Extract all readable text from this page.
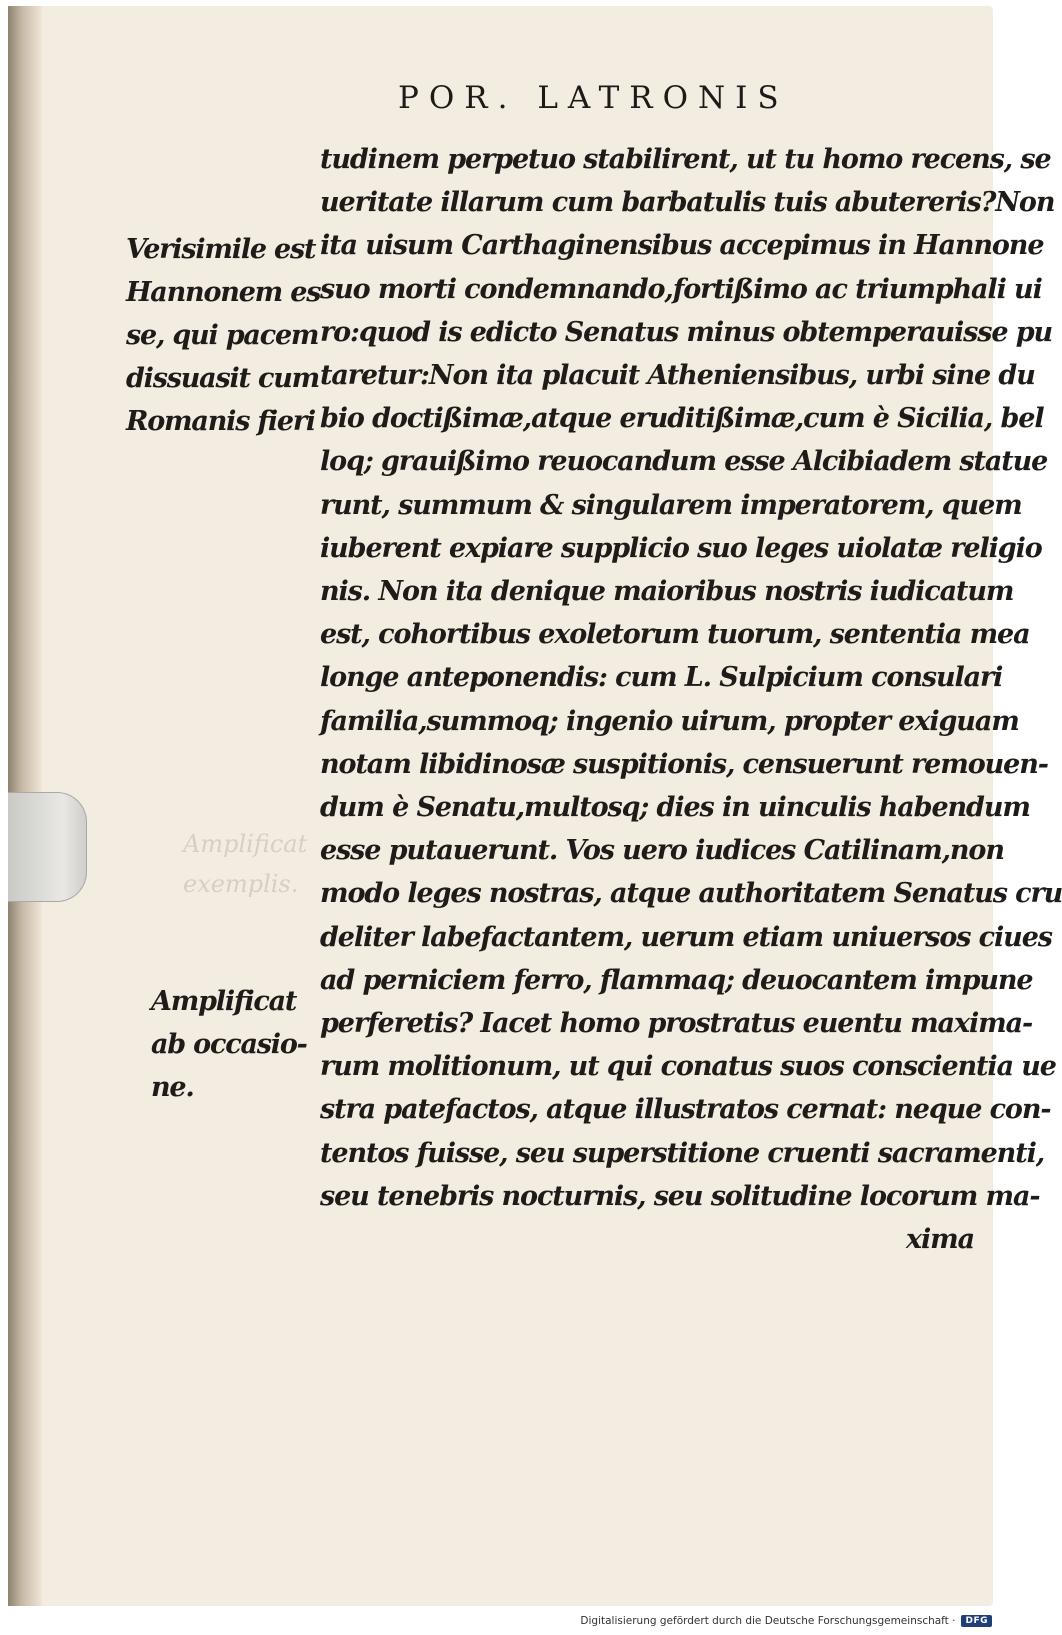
POR. LATRONIS
Amplificat
exemplis.
Verisimile est
Hannonem es
se, qui pacem
dissuasit cum
Romanis fieri
Amplificat
ab occasio-
ne.
tudinem perpetuo stabilirent, ut tu homo recens, se
ueritate illarum cum barbatulis tuis abutereris?Non
ita uisum Carthaginensibus accepimus in Hannone
suo morti condemnando,fortißimo ac triumphali ui
ro:quod is edicto Senatus minus obtemperauisse pu
taretur:Non ita placuit Atheniensibus, urbi sine du
bio doctißimæ,atque eruditißimæ,cum è Sicilia, bel
loq; grauißimo reuocandum esse Alcibiadem statue
runt, summum & singularem imperatorem, quem
iuberent expiare supplicio suo leges uiolatæ religio
nis. Non ita denique maioribus nostris iudicatum
est, cohortibus exoletorum tuorum, sententia mea
longe anteponendis: cum L. Sulpicium consulari
familia,summoq; ingenio uirum, propter exiguam
notam libidinosæ suspitionis, censuerunt remouen-
dum è Senatu,multosq; dies in uinculis habendum
esse putauerunt. Vos uero iudices Catilinam,non
modo leges nostras, atque authoritatem Senatus cru
deliter labefactantem, uerum etiam uniuersos ciues
ad perniciem ferro, flammaq; deuocantem impune
perferetis? Iacet homo prostratus euentu maxima-
rum molitionum, ut qui conatus suos conscientia ue
stra patefactos, atque illustratos cernat: neque con-
tentos fuisse, seu superstitione cruenti sacramenti,
seu tenebris nocturnis, seu solitudine locorum ma-
xima
Digitalisierung gefördert durch die Deutsche Forschungsgemeinschaft ·	DFG
